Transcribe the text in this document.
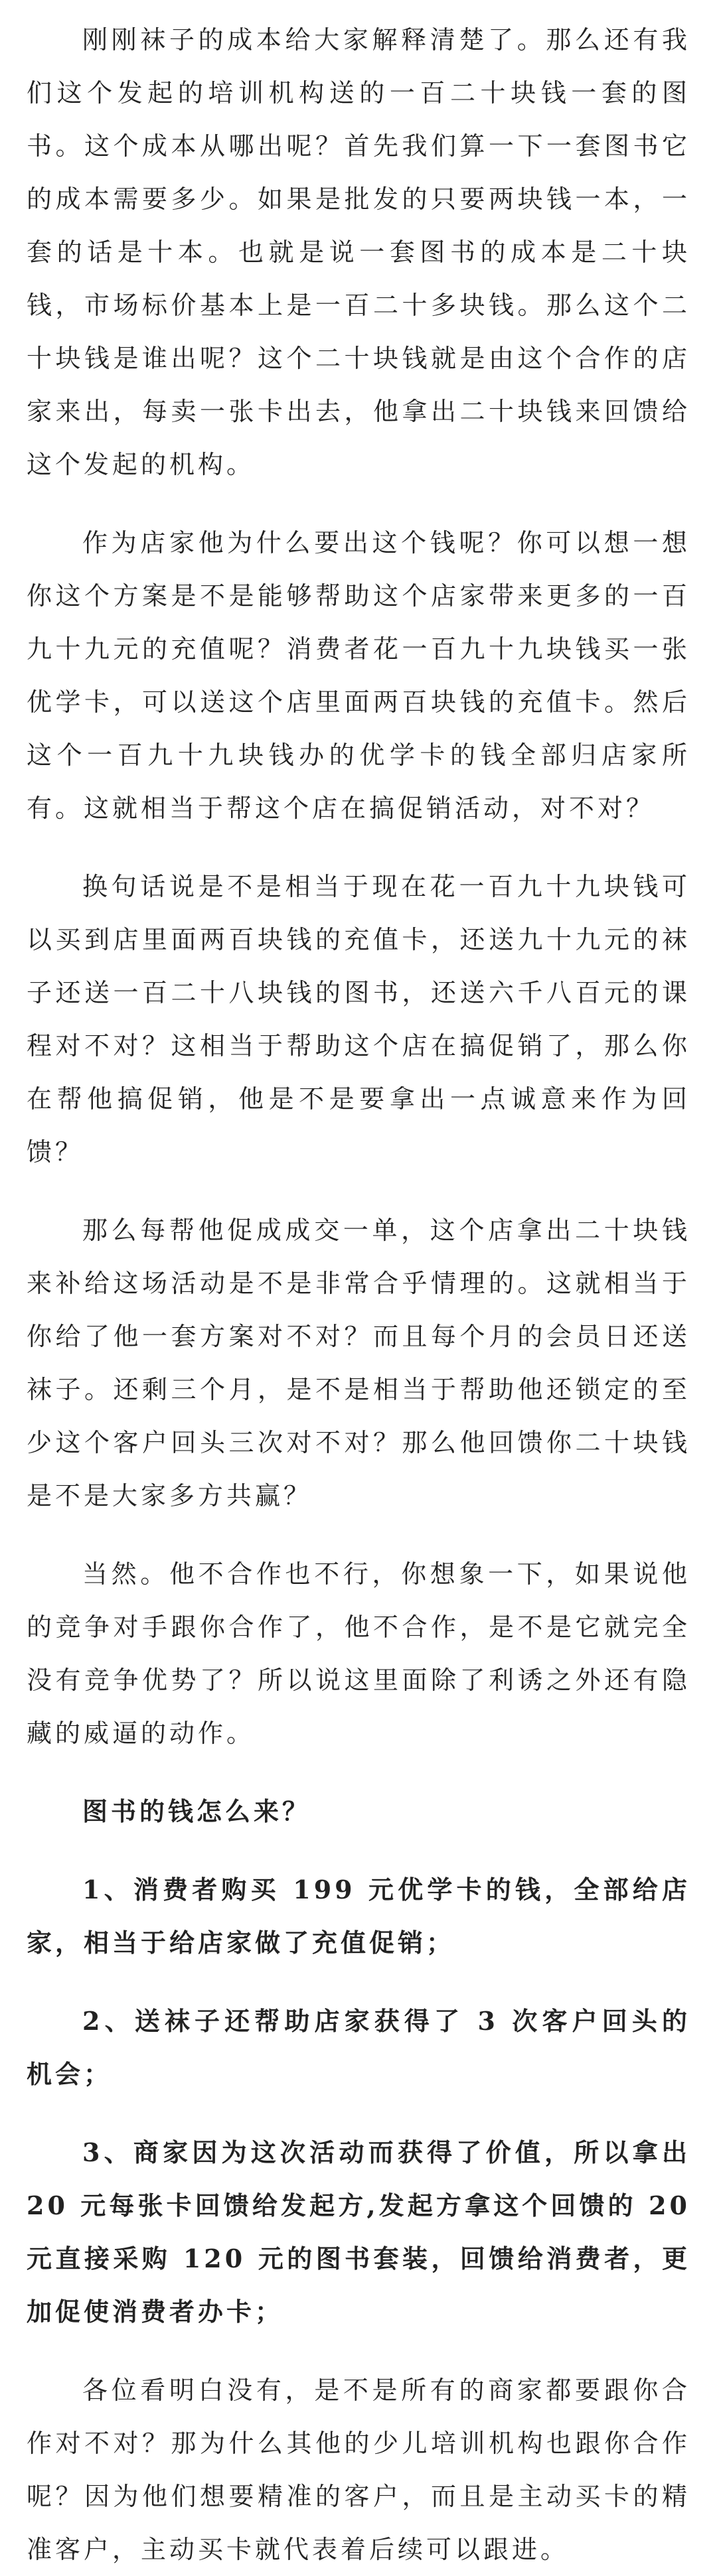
刚刚袜子的成本给大家解释清楚了。那么还有我们这个发起的培训机构送的一百二十块钱一套的图书。这个成本从哪出呢？首先我们算一下一套图书它的成本需要多少。如果是批发的只要两块钱一本，一套的话是十本。也就是说一套图书的成本是二十块钱，市场标价基本上是一百二十多块钱。那么这个二十块钱是谁出呢？这个二十块钱就是由这个合作的店家来出，每卖一张卡出去，他拿出二十块钱来回馈给这个发起的机构。

作为店家他为什么要出这个钱呢？你可以想一想你这个方案是不是能够帮助这个店家带来更多的一百九十九元的充值呢？消费者花一百九十九块钱买一张优学卡，可以送这个店里面两百块钱的充值卡。然后这个一百九十九块钱办的优学卡的钱全部归店家所有。这就相当于帮这个店在搞促销活动，对不对？

换句话说是不是相当于现在花一百九十九块钱可以买到店里面两百块钱的充值卡，还送九十九元的袜子还送一百二十八块钱的图书，还送六千八百元的课程对不对？这相当于帮助这个店在搞促销了，那么你在帮他搞促销，他是不是要拿出一点诚意来作为回馈？

那么每帮他促成成交一单，这个店拿出二十块钱来补给这场活动是不是非常合乎情理的。这就相当于你给了他一套方案对不对？而且每个月的会员日还送袜子。还剩三个月，是不是相当于帮助他还锁定的至少这个客户回头三次对不对？那么他回馈你二十块钱是不是大家多方共赢？

当然。他不合作也不行，你想象一下，如果说他的竞争对手跟你合作了，他不合作，是不是它就完全没有竞争优势了？所以说这里面除了利诱之外还有隐藏的威逼的动作。

图书的钱怎么来？

1、消费者购买 199 元优学卡的钱，全部给店家，相当于给店家做了充值促销；

2、送袜子还帮助店家获得了 3 次客户回头的机会；

3、商家因为这次活动而获得了价值，所以拿出 20 元每张卡回馈给发起方,发起方拿这个回馈的 20元直接采购 120 元的图书套装，回馈给消费者，更加促使消费者办卡；

各位看明白没有，是不是所有的商家都要跟你合作对不对？那为什么其他的少儿培训机构也跟你合作呢？因为他们想要精准的客户，而且是主动买卡的精准客户，主动买卡就代表着后续可以跟进。
